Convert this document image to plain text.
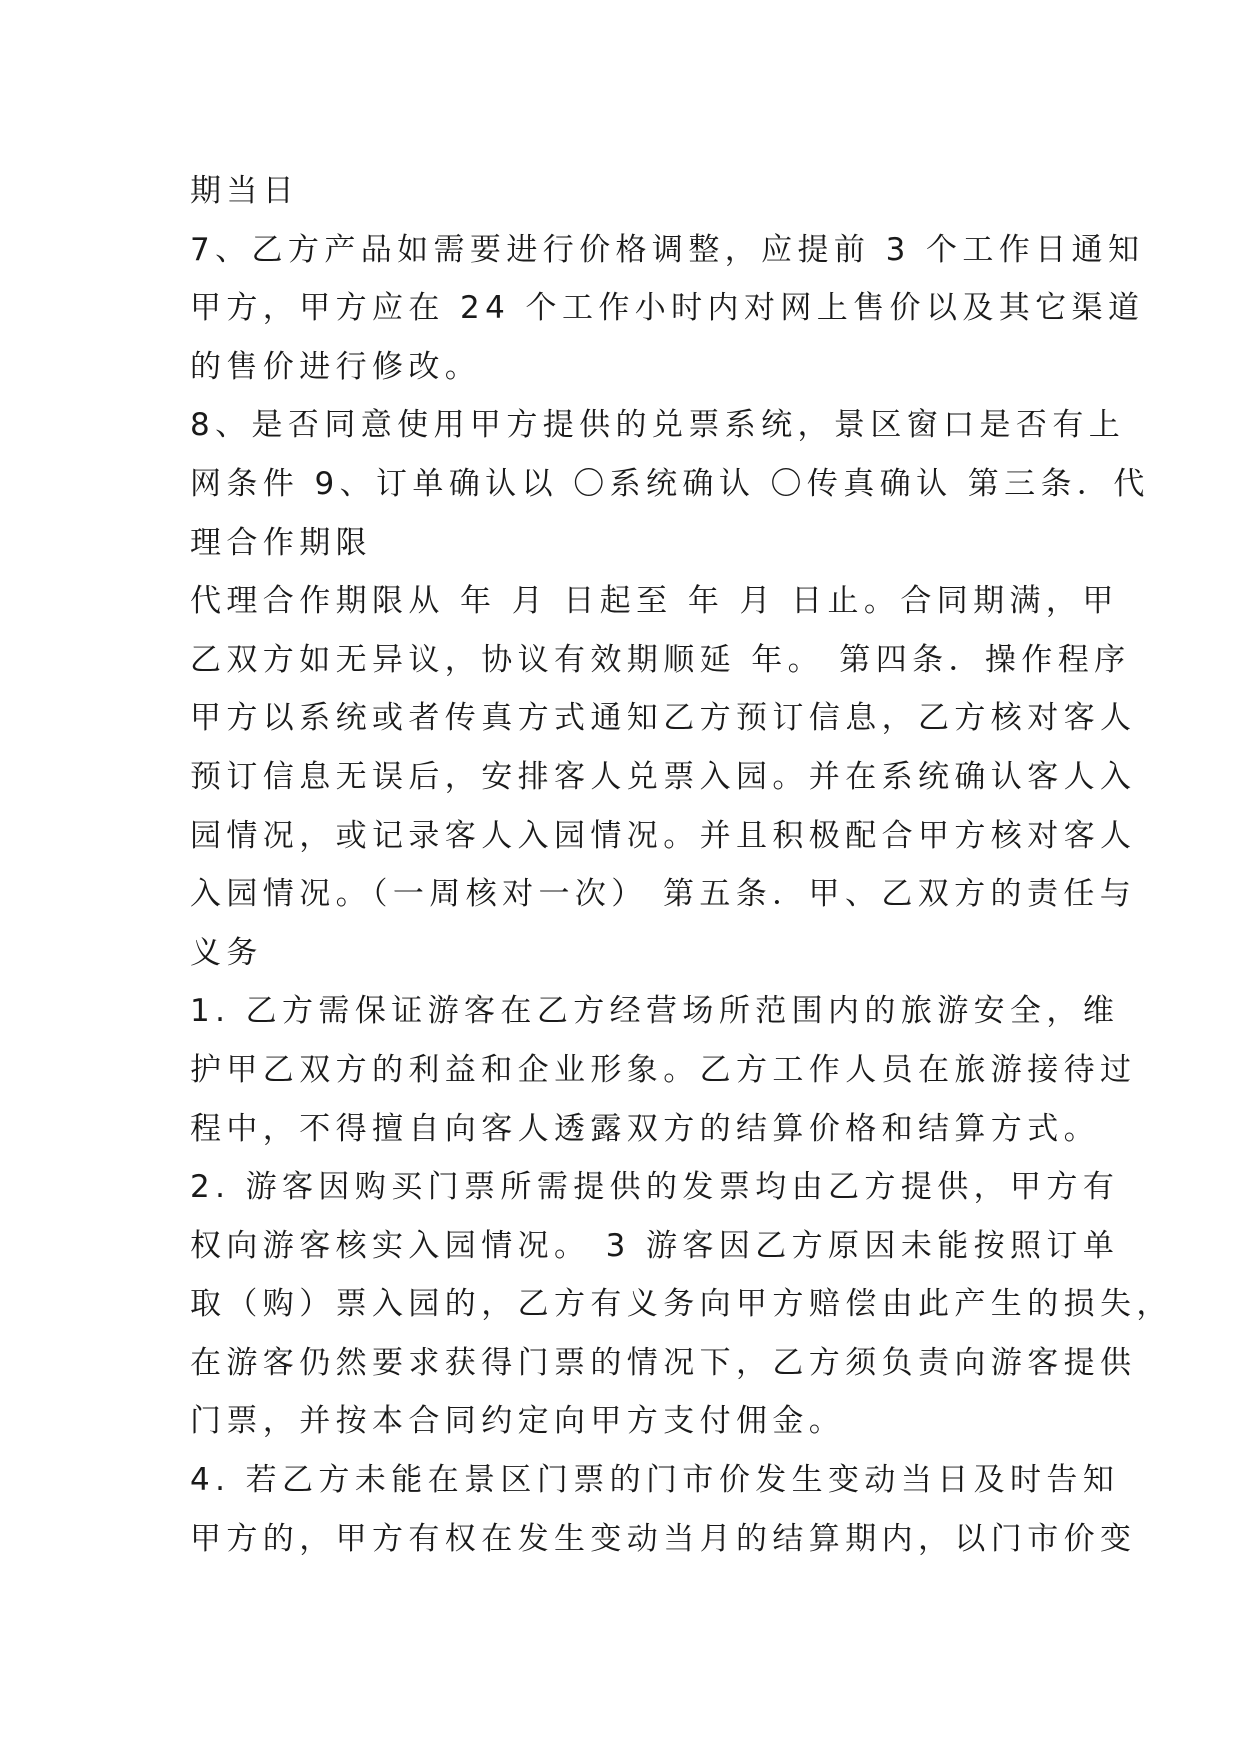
期当日
7、乙方产品如需要进行价格调整，应提前 3 个工作日通知
甲方，甲方应在 24 个工作小时内对网上售价以及其它渠道
的售价进行修改。
8、是否同意使用甲方提供的兑票系统，景区窗口是否有上
网条件 9、订单确认以 〇系统确认 〇传真确认 第三条．代
理合作期限
代理合作期限从 年 月 日起至 年 月 日止。合同期满，甲
乙双方如无异议，协议有效期顺延 年。 第四条．操作程序
甲方以系统或者传真方式通知乙方预订信息，乙方核对客人
预订信息无误后，安排客人兑票入园。并在系统确认客人入
园情况，或记录客人入园情况。并且积极配合甲方核对客人
入园情况。（一周核对一次） 第五条．甲、乙双方的责任与
义务
1. 乙方需保证游客在乙方经营场所范围内的旅游安全，维
护甲乙双方的利益和企业形象。乙方工作人员在旅游接待过
程中，不得擅自向客人透露双方的结算价格和结算方式。
2. 游客因购买门票所需提供的发票均由乙方提供，甲方有
权向游客核实入园情况。 3 游客因乙方原因未能按照订单
取（购）票入园的，乙方有义务向甲方赔偿由此产生的损失，
在游客仍然要求获得门票的情况下，乙方须负责向游客提供
门票，并按本合同约定向甲方支付佣金。
4. 若乙方未能在景区门票的门市价发生变动当日及时告知
甲方的，甲方有权在发生变动当月的结算期内，以门市价变
